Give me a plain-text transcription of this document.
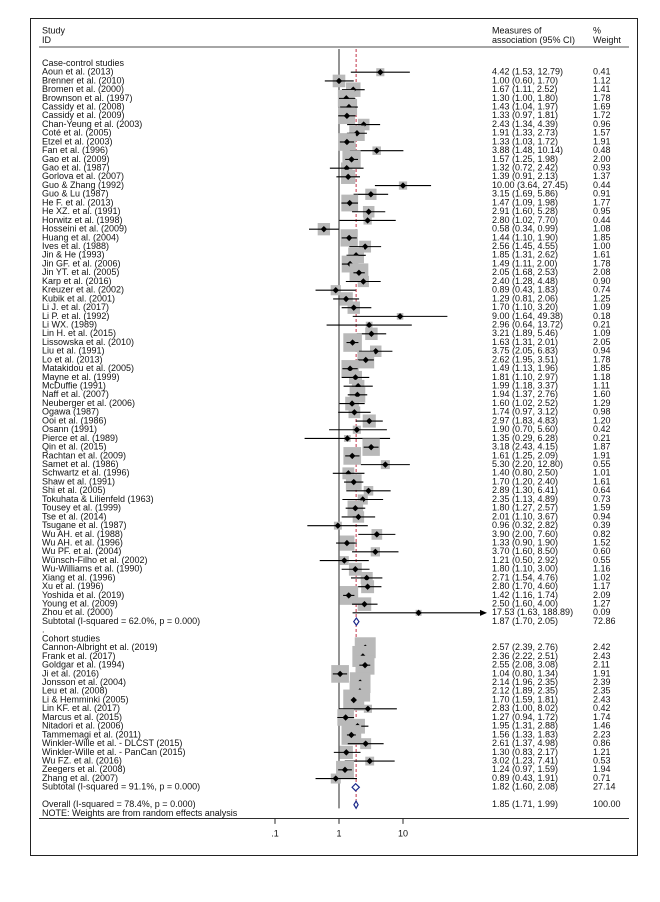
Study
ID
Measures of
association (95% CI)
%
Weight
Case-control studies
Aoun et al. (2013)	4.42 (1.53, 12.79)	0.41
Brenner et al. (2010)	1.00 (0.60, 1.70)	1.12
Bromen et al. (2000)	1.67 (1.11, 2.52)	1.41
Brownson et al. (1997)	1.30 (1.00, 1.80)	1.78
Cassidy et al. (2008)	1.43 (1.04, 1.97)	1.69
Cassidy et al. (2009)	1.33 (0.97, 1.81)	1.72
Chan-Yeung et al. (2003)	2.43 (1.34, 4.39)	0.96
Coté et al. (2005)	1.91 (1.33, 2.73)	1.57
Etzel et al. (2003)	1.33 (1.03, 1.72)	1.91
Fan et al. (1996)	3.88 (1.48, 10.14)	0.48
Gao et al. (2009)	1.57 (1.25, 1.98)	2.00
Gao et al. (1987)	1.32 (0.72, 2.42)	0.93
Gorlova et al. (2007)	1.39 (0.91, 2.13)	1.37
Guo & Zhang (1992)	10.00 (3.64, 27.45)	0.44
Guo & Lu (1987)	3.15 (1.69, 5.86)	0.91
He F. et al. (2013)	1.47 (1.09, 1.98)	1.77
He XZ. et al. (1991)	2.91 (1.60, 5.28)	0.95
Horwitz et al. (1998)	2.80 (1.02, 7.70)	0.44
Hosseini et al. (2009)	0.58 (0.34, 0.99)	1.08
Huang et al. (2004)	1.44 (1.10, 1.90)	1.85
Ives et al. (1988)	2.56 (1.45, 4.55)	1.00
Jin & He (1993)	1.85 (1.31, 2.62)	1.61
Jin GF. et al. (2006)	1.49 (1.11, 2.00)	1.78
Jin YT. et al. (2005)	2.05 (1.68, 2.53)	2.08
Karp et al. (2016)	2.40 (1.28, 4.48)	0.90
Kreuzer et al. (2002)	0.89 (0.43, 1.83)	0.74
Kubik et al. (2001)	1.29 (0.81, 2.06)	1.25
Li J. et al. (2017)	1.70 (1.10, 3.20)	1.09
Li P. et al. (1992)	9.00 (1.64, 49.38)	0.18
Li WX. (1989)	2.96 (0.64, 13.72)	0.21
Lin H. et al. (2015)	3.21 (1.89, 5.46)	1.09
Lissowska et al. (2010)	1.63 (1.31, 2.01)	2.05
Liu et al. (1991)	3.75 (2.05, 6.83)	0.94
Lo et al. (2013)	2.62 (1.95, 3.51)	1.78
Matakidou et al. (2005)	1.49 (1.13, 1.96)	1.85
Mayne et al. (1999)	1.81 (1.10, 2.97)	1.18
McDuffie (1991)	1.99 (1.18, 3.37)	1.11
Naff et al. (2007)	1.94 (1.37, 2.76)	1.60
Neuberger et al. (2006)	1.60 (1.02, 2.52)	1.29
Ogawa (1987)	1.74 (0.97, 3.12)	0.98
Ooi et al. (1986)	2.97 (1.83, 4.83)	1.20
Osann (1991)	1.90 (0.70, 5.60)	0.42
Pierce et al. (1989)	1.35 (0.29, 6.28)	0.21
Qin et al. (2015)	3.18 (2.43, 4.15)	1.87
Rachtan et al. (2009)	1.61 (1.25, 2.09)	1.91
Samet et al. (1986)	5.30 (2.20, 12.80)	0.55
Schwartz et al. (1996)	1.40 (0.80, 2.50)	1.01
Shaw et al. (1991)	1.70 (1.20, 2.40)	1.61
Shi et al. (2005)	2.89 (1.30, 6.41)	0.64
Tokuhata & Lilienfeld (1963)	2.35 (1.13, 4.89)	0.73
Tousey et al. (1999)	1.80 (1.27, 2.57)	1.59
Tse et al. (2014)	2.01 (1.10, 3.67)	0.94
Tsugane et al. (1987)	0.96 (0.32, 2.82)	0.39
Wu AH. et al. (1988)	3.90 (2.00, 7.60)	0.82
Wu AH. et al. (1996)	1.33 (0.90, 1.90)	1.52
Wu PF. et al. (2004)	3.70 (1.60, 8.50)	0.60
Wünsch-Filho et al. (2002)	1.21 (0.50, 2.92)	0.55
Wu-Williams et al. (1990)	1.80 (1.10, 3.00)	1.16
Xiang et al. (1996)	2.71 (1.54, 4.76)	1.02
Xu et al. (1996)	2.80 (1.70, 4.60)	1.17
Yoshida et al. (2019)	1.42 (1.16, 1.74)	2.09
Young et al. (2009)	2.50 (1.60, 4.00)	1.27
Zhou et al. (2000)	17.53 (1.63, 188.89) 0.09
Subtotal (I-squared = 62.0%, p = 0.000)	1.87 (1.70, 2.05)	72.86
.
Cohort studies
Cannon-Albright et al. (2019)	2.57 (2.39, 2.76)	2.42
Frank et al. (2017)	2.36 (2.22, 2.51)	2.43
Goldgar et al. (1994)	2.55 (2.08, 3.08)	2.11
Ji et al. (2016)	1.04 (0.80, 1.34)	1.91
Jonsson et al. (2004)	2.14 (1.96, 2.35)	2.39
Leu et al. (2008)	2.12 (1.89, 2.35)	2.35
Li & Hemminki (2005)	1.70 (1.59, 1.81)	2.43
Lin KF. et al. (2017)	2.83 (1.00, 8.02)	0.42
Marcus et al. (2015)	1.27 (0.94, 1.72)	1.74
Nitadori et al. (2006)	1.95 (1.31, 2.88)	1.46
Tammemagi et al. (2011)	1.56 (1.33, 1.83)	2.23
Winkler-Wille et al. - DLCST (2015)	2.61 (1.37, 4.98)	0.86
Winkler-Wille et al. - PanCan (2015)	1.30 (0.83, 2.17)	1.21
Wu FZ. et al. (2016)	3.02 (1.23, 7.41)	0.53
Zeegers et al. (2008)	1.24 (0.97, 1.59)	1.94
Zhang et al. (2007)	0.89 (0.43, 1.91)	0.71
Subtotal (I-squared = 91.1%, p = 0.000)	1.82 (1.60, 2.08)	27.14
Overall (I-squared = 78.4%, p = 0.000)	1.85 (1.71, 1.99)	100.00
NOTE: Weights are from random effects analysis
.1	1	10
